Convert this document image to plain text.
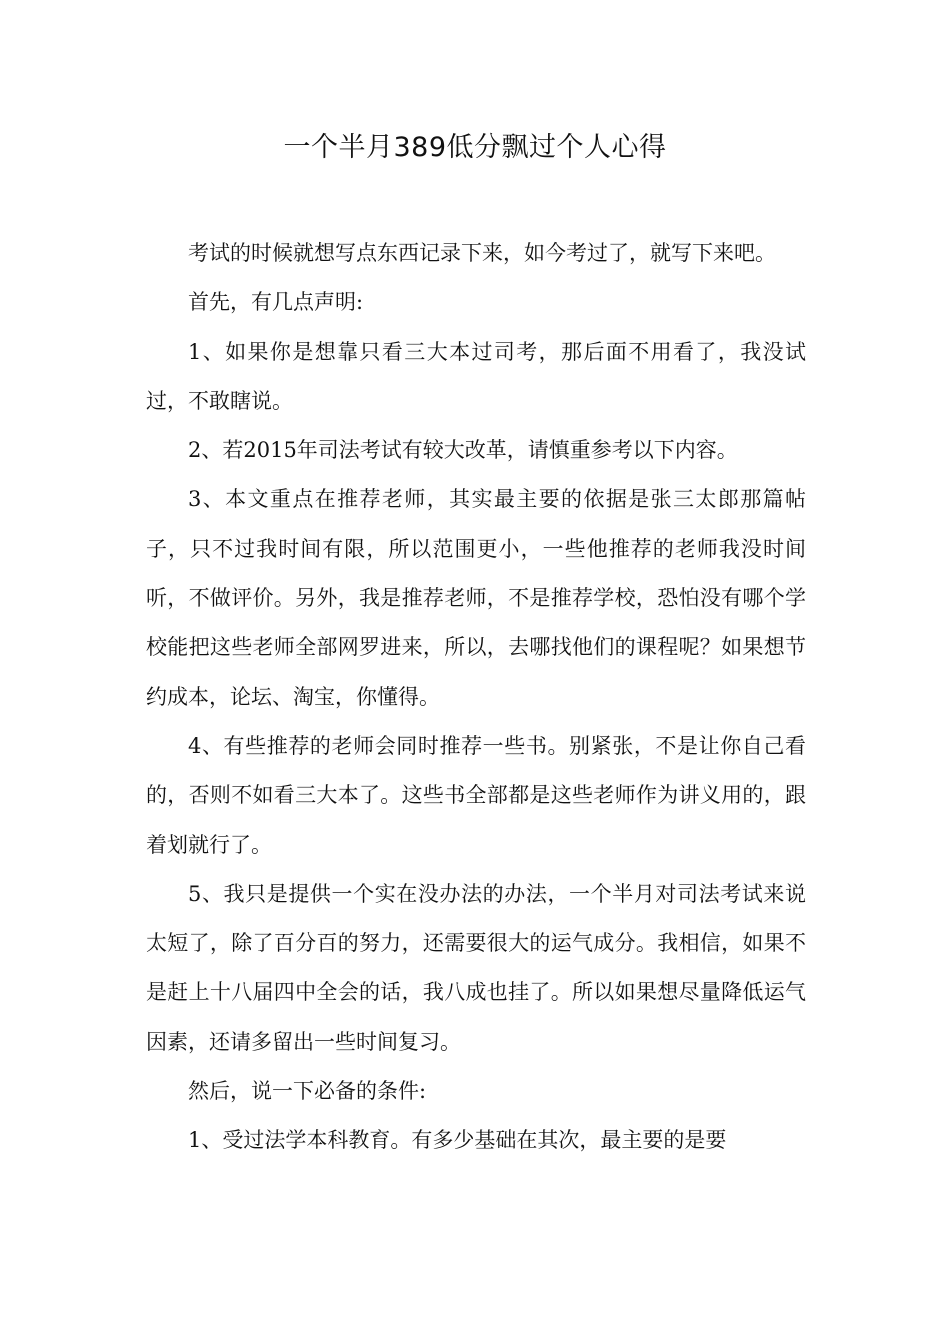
一个半月389低分飘过个人心得

考试的时候就想写点东西记录下来，如今考过了，就写下来吧。

首先，有几点声明:

1、如果你是想靠只看三大本过司考，那后面不用看了，我没试过，不敢瞎说。

2、若2015年司法考试有较大改革，请慎重参考以下内容。

3、本文重点在推荐老师，其实最主要的依据是张三太郎那篇帖子，只不过我时间有限，所以范围更小，一些他推荐的老师我没时间听，不做评价。另外，我是推荐老师，不是推荐学校，恐怕没有哪个学校能把这些老师全部网罗进来，所以，去哪找他们的课程呢？如果想节约成本，论坛、淘宝，你懂得。

4、有些推荐的老师会同时推荐一些书。别紧张，不是让你自己看的，否则不如看三大本了。这些书全部都是这些老师作为讲义用的，跟着划就行了。

5、我只是提供一个实在没办法的办法，一个半月对司法考试来说太短了，除了百分百的努力，还需要很大的运气成分。我相信，如果不是赶上十八届四中全会的话，我八成也挂了。所以如果想尽量降低运气因素，还请多留出一些时间复习。

然后，说一下必备的条件:

1、受过法学本科教育。有多少基础在其次，最主要的是要
